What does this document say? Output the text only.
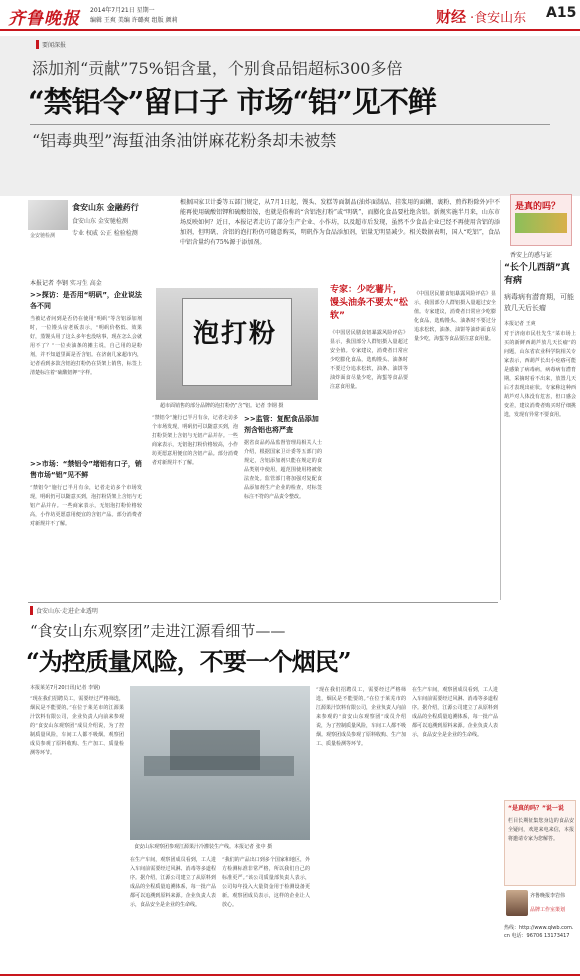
齐鲁晚报 2014年7月21日 星期一
编辑 王爽 美编 许璐爽 组版 颜莉	财经 ·食安山东 A15
要闻深报
添加剂“贡献”75%铝含量，个别食品铝超标300多倍
“禁铝令”留口子 市场“铝”见不鲜
“铝毒典型”海蜇油条油饼麻花粉条却未被禁
金安驰检测
食安山东 金融药行
食安山东 金安驰检测
专业 权威 公正 检验检测
根据国家卫计委等五部门规定，从7月1日起，馒头、发糕等面制品(油炸面制品、挂浆用的面糊、裹粉、煎炸粉除外)中不能再使用硫酸铝钾和硫酸铝铵，也就是俗称的“含铝泡打粉”或“明矾”，而膨化食品要杜绝含铝。新规实施半月来，山东市场反映如何？近日，本报记者走访了部分生产企业、小作坊，以及超市后发现，虽然不少食品企业已经不再使用含铝的添加剂，但明矾、含铝的泡打粉仍可随意购买，明矾作为食品添加剂，铝量无明显减少。相关数据表明，国人“吃铝”，食品中铝含量约有75%源于添加剂。
是真的吗？
香安上的惑与证
本报记者 李钢 实习生 高金
泡打粉
超市面销售的部分品牌的泡打粉仍“含”铝。记者 李钢 摄
>>探访：是否用“明矾”，企业说法各不同
当被记者问到是否仍在使用“明矾”等含铝添加剂时，一位馒头房老板表示，“明矾价格低、效果好，蒸馒头用了这么多年也没啥事，现在怎么会就用不了？”一位卖油条的摊主说，自己用的是粉剂，并不知道里面是否含铝。在济南几家超市内，记者看到多款含铝泡打粉仍在货架上销售，标签上清楚标注着“硫酸铝钾”字样。
>>市场：“禁铝令”堵铝有口子，销售市场“铝”见不鲜
“禁铝令”施行已半月有余，记者走访多个市场发现，明矾仍可以随意买到，泡打粉货架上含铝与无铝产品并存。一些商家表示，无铝泡打粉价格较高，小作坊更愿意用便宜的含铝产品。部分消费者对新规并不了解。
“禁铝令”施行已半月有余，记者走访多个市场发现，明矾仍可以随意买到，泡打粉货架上含铝与无铝产品并存。一些商家表示，无铝泡打粉价格较高，小作坊更愿意用便宜的含铝产品。部分消费者对新规并不了解。
>>监管：复配食品添加剂含铝也将严查
据省食品药品监督管理局相关人士介绍，根据国家卫计委等五部门的规定，含铝添加剂只能在规定的食品类别中使用，超范围使用将被依法查处。监管部门将加强对复配食品添加剂生产企业的检查，对标签标注不符的产品责令整改。
专家：少吃薯片，馒头油条不要太“松软”
《中国居民膳食铝暴露风险评估》显示，我国部分人群铝摄入量超过安全值。专家建议，消费者日常应少吃膨化食品，选购馒头、油条时不要过分追求松软，油条、油饼等油炸面食尽量少吃，海蜇等食品要注意食用量。
《中国居民膳食铝暴露风险评估》显示，我国部分人群铝摄入量超过安全值。专家建议，消费者日常应少吃膨化食品，选购馒头、油条时不要过分追求松软，油条、油饼等油炸面食尽量少吃，海蜇等食品要注意食用量。
“长个儿西葫”真有病
病毒病有潜育期，可能放几天后长瘤
本报记者 王爽
对于济南市民杜先生“菜市场上买的新鲜西葫芦放几天长瘤”的问题，山东省农业科学院相关专家表示，西葫芦长出小疙瘩可能是感染了病毒病，病毒病有潜育期，采摘时看不出来，放置几天后才表现出症状。专家称这种西葫芦对人体没有危害，但口感会变差，建议消费者购买时仔细挑选，发现有异常不要食用。
食安山东·走进企业透明
“食安山东观察团”走进江源看细节——
“为控质量风险，不要一个烟民”
本报莱芜7月20日讯(记者 李钢)
“现在我们招聘员工，需要经过严格筛选，烟民是不能要的。”在位于莱芜市的江源果汁饮料有限公司，企业负责人向前来参观的“食安山东观察团”成员介绍说，为了控制质量风险，车间工人都不吸烟。观察团成员参观了原料收购、生产加工、质量检测等环节。
食安山东观察团参观江源果汁冷灌装生产线。本报记者 张中 摄
在生产车间，观察团成员看到，工人进入车间前需要经过风淋、消毒等多道程序。据介绍，江源公司建立了从原料到成品的全程质量追溯体系，每一批产品都可以追溯到原料来源。企业负责人表示，食品安全是企业的生命线。
“我们的产品出口到多个国家和地区，外方检测标准非常严格，所以我们自己的标准更严。”该公司质量部负责人表示，公司每年投入大量资金用于检测设备更新。观察团成员表示，这样的企业让人放心。
“现在我们招聘员工，需要经过严格筛选，烟民是不能要的。”在位于莱芜市的江源果汁饮料有限公司，企业负责人向前来参观的“食安山东观察团”成员介绍说，为了控制质量风险，车间工人都不吸烟。观察团成员参观了原料收购、生产加工、质量检测等环节。
在生产车间，观察团成员看到，工人进入车间前需要经过风淋、消毒等多道程序。据介绍，江源公司建立了从原料到成品的全程质量追溯体系，每一批产品都可以追溯到原料来源。企业负责人表示，食品安全是企业的生命线。
“是真的吗？”说一说
栏目长期征集您身边的食品安全疑问，欢迎来电来信，本报将邀请专家为您解答。
齐鲁晚报李岩伟
品牌工作室策划
热线：http://www.qlwb.com.cn 电话：96706 13173417
